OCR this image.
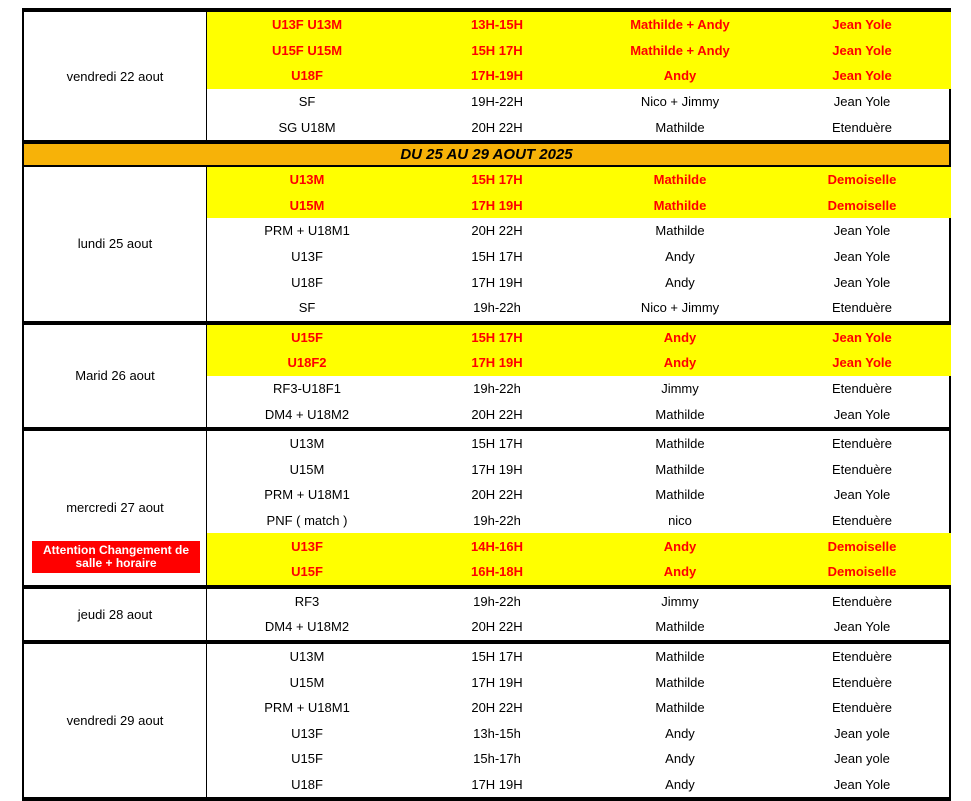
vendredi 22 aout
U13F U13M	13H-15H	Mathilde + Andy	Jean Yole
U15F U15M	15H 17H	Mathilde + Andy	Jean Yole
U18F	17H-19H	Andy	Jean Yole
SF	19H-22H	Nico + Jimmy	Jean Yole
SG U18M	20H 22H	Mathilde	Etenduère
DU 25 AU 29 AOUT 2025
lundi 25 aout
U13M	15H 17H	Mathilde	Demoiselle
U15M	17H 19H	Mathilde	Demoiselle
PRM + U18M1	20H 22H	Mathilde	Jean Yole
U13F	15H 17H	Andy	Jean Yole
U18F	17H 19H	Andy	Jean Yole
SF	19h-22h	Nico + Jimmy	Etenduère
Marid 26 aout
U15F	15H 17H	Andy	Jean Yole
U18F2	17H 19H	Andy	Jean Yole
RF3-U18F1	19h-22h	Jimmy	Etenduère
DM4 + U18M2	20H 22H	Mathilde	Jean Yole
mercredi 27 aout
U13M	15H 17H	Mathilde	Etenduère
U15M	17H 19H	Mathilde	Etenduère
PRM + U18M1	20H 22H	Mathilde	Jean Yole
PNF ( match )	19h-22h	nico	Etenduère
U13F	14H-16H	Andy	Demoiselle
U15F	16H-18H	Andy	Demoiselle
Attention Changement de salle + horaire
jeudi 28 aout
RF3	19h-22h	Jimmy	Etenduère
DM4 + U18M2	20H 22H	Mathilde	Jean Yole
vendredi 29 aout
U13M	15H 17H	Mathilde	Etenduère
U15M	17H 19H	Mathilde	Etenduère
PRM + U18M1	20H 22H	Mathilde	Etenduère
U13F	13h-15h	Andy	Jean yole
U15F	15h-17h	Andy	Jean yole
U18F	17H 19H	Andy	Jean Yole
